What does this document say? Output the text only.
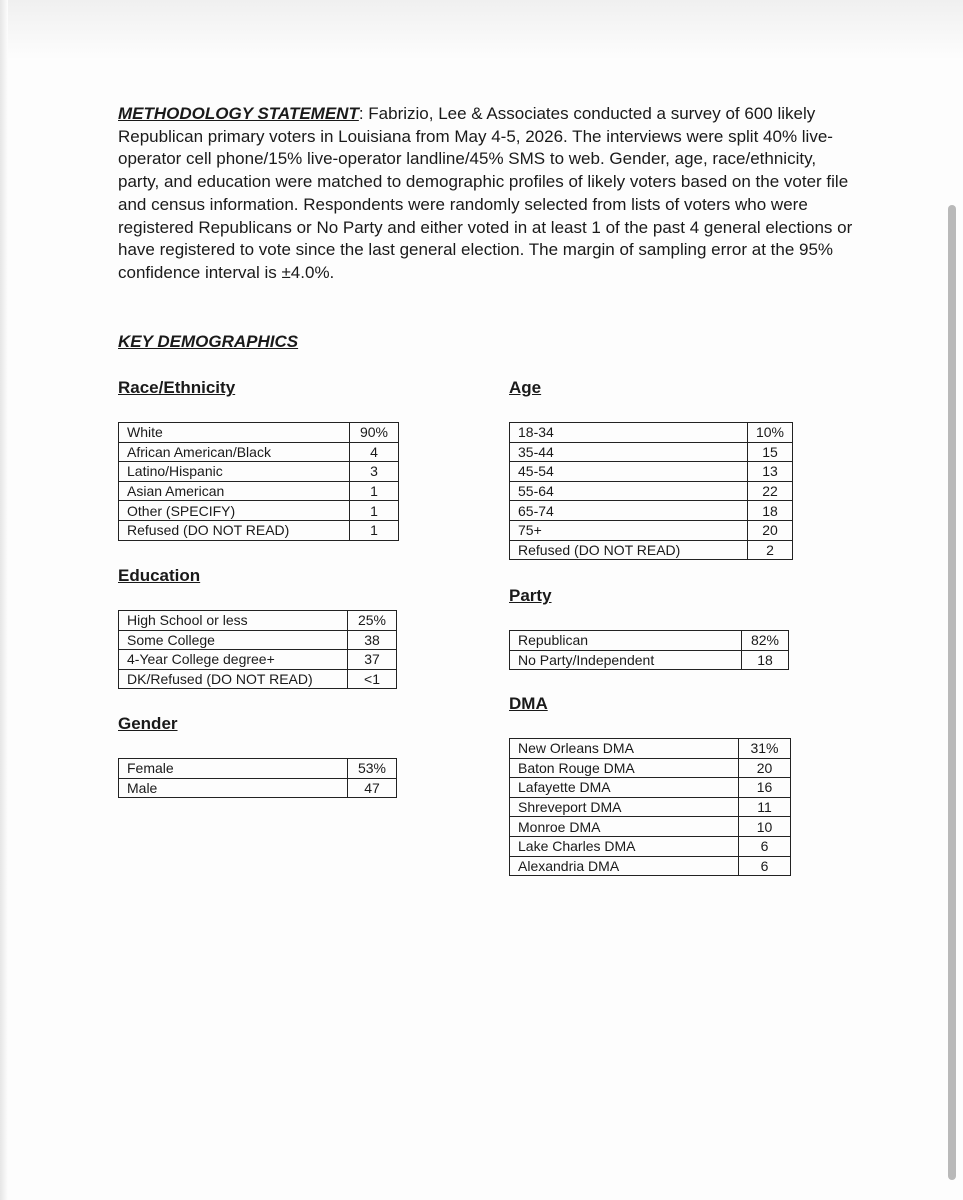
METHODOLOGY STATEMENT: Fabrizio, Lee & Associates conducted a survey of 600 likely Republican primary voters in Louisiana from May 4-5, 2026. The interviews were split 40% live-operator cell phone/15% live-operator landline/45% SMS to web. Gender, age, race/ethnicity, party, and education were matched to demographic profiles of likely voters based on the voter file and census information. Respondents were randomly selected from lists of voters who were registered Republicans or No Party and either voted in at least 1 of the past 4 general elections or have registered to vote since the last general election. The margin of sampling error at the 95% confidence interval is ±4.0%.

KEY DEMOGRAPHICS
Race/Ethnicity
White	90%
African American/Black	4
Latino/Hispanic	3
Asian American	1
Other (SPECIFY)	1
Refused (DO NOT READ)	1
Education
High School or less	25%
Some College	38
4-Year College degree+	37
DK/Refused (DO NOT READ)	<1
Gender
Female	53%
Male	47
Age
18-34	10%
35-44	15
45-54	13
55-64	22
65-74	18
75+	20
Refused (DO NOT READ)	2
Party
Republican	82%
No Party/Independent	18
DMA
New Orleans DMA	31%
Baton Rouge DMA	20
Lafayette DMA	16
Shreveport DMA	11
Monroe DMA	10
Lake Charles DMA	6
Alexandria DMA	6
